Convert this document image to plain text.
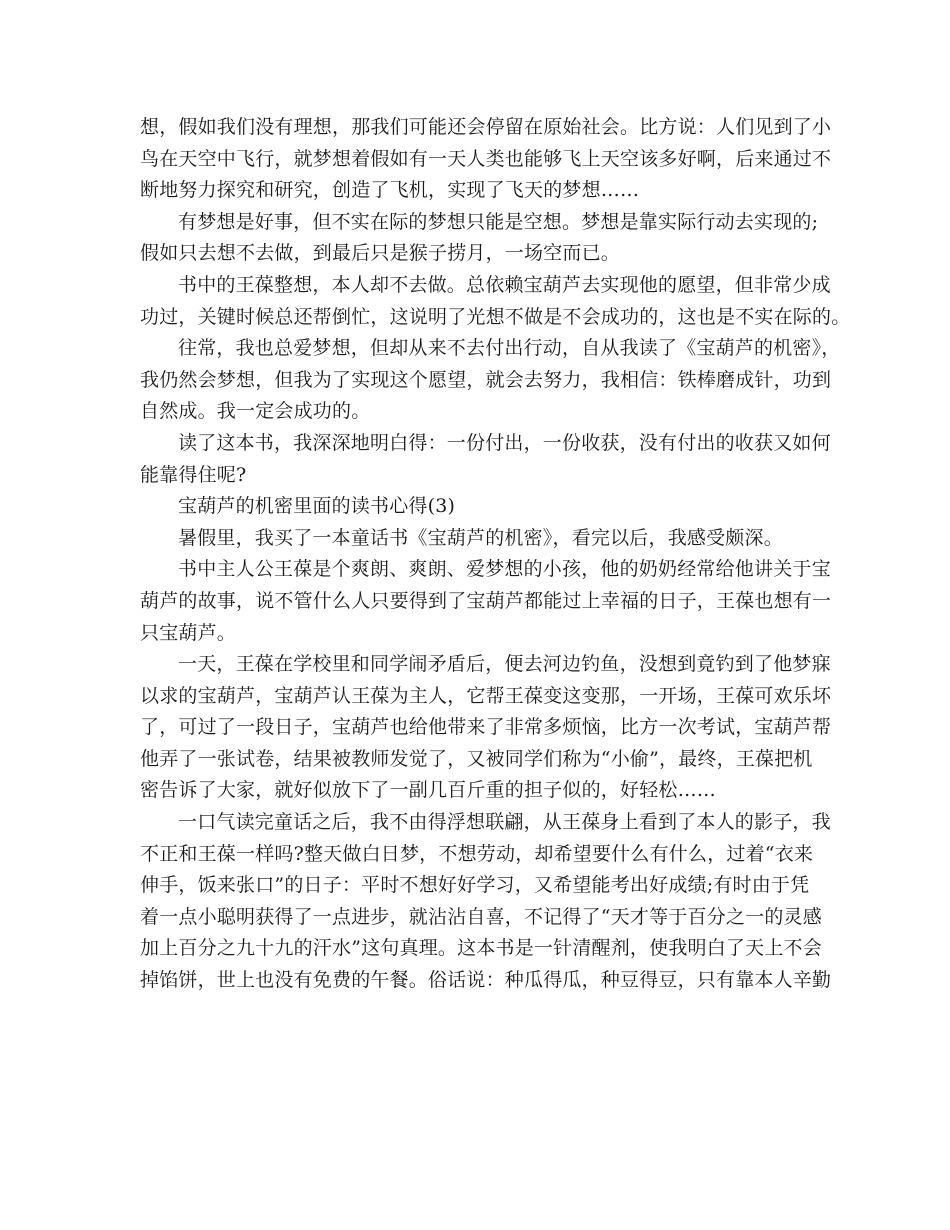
想，假如我们没有理想，那我们可能还会停留在原始社会。比方说：人们见到了小
鸟在天空中飞行，就梦想着假如有一天人类也能够飞上天空该多好啊，后来通过不
断地努力探究和研究，创造了飞机，实现了飞天的梦想……
有梦想是好事，但不实在际的梦想只能是空想。梦想是靠实际行动去实现的;
假如只去想不去做，到最后只是猴子捞月，一场空而已。
书中的王葆整想，本人却不去做。总依赖宝葫芦去实现他的愿望，但非常少成
功过，关键时候总还帮倒忙，这说明了光想不做是不会成功的，这也是不实在际的。
往常，我也总爱梦想，但却从来不去付出行动，自从我读了《宝葫芦的机密》，
我仍然会梦想，但我为了实现这个愿望，就会去努力，我相信：铁棒磨成针，功到
自然成。我一定会成功的。
读了这本书，我深深地明白得：一份付出，一份收获，没有付出的收获又如何
能靠得住呢?
宝葫芦的机密里面的读书心得(3)
暑假里，我买了一本童话书《宝葫芦的机密》，看完以后，我感受颇深。
书中主人公王葆是个爽朗、爽朗、爱梦想的小孩，他的奶奶经常给他讲关于宝
葫芦的故事，说不管什么人只要得到了宝葫芦都能过上幸福的日子，王葆也想有一
只宝葫芦。
一天，王葆在学校里和同学闹矛盾后，便去河边钓鱼，没想到竟钓到了他梦寐
以求的宝葫芦，宝葫芦认王葆为主人，它帮王葆变这变那，一开场，王葆可欢乐坏
了，可过了一段日子，宝葫芦也给他带来了非常多烦恼，比方一次考试，宝葫芦帮
他弄了一张试卷，结果被教师发觉了，又被同学们称为“小偷”，最终，王葆把机
密告诉了大家，就好似放下了一副几百斤重的担子似的，好轻松……
一口气读完童话之后，我不由得浮想联翩，从王葆身上看到了本人的影子，我
不正和王葆一样吗?整天做白日梦，不想劳动，却希望要什么有什么，过着“衣来
伸手，饭来张口”的日子：平时不想好好学习，又希望能考出好成绩;有时由于凭
着一点小聪明获得了一点进步，就沾沾自喜，不记得了“天才等于百分之一的灵感
加上百分之九十九的汗水”这句真理。这本书是一针清醒剂，使我明白了天上不会
掉馅饼，世上也没有免费的午餐。俗话说：种瓜得瓜，种豆得豆，只有靠本人辛勤
